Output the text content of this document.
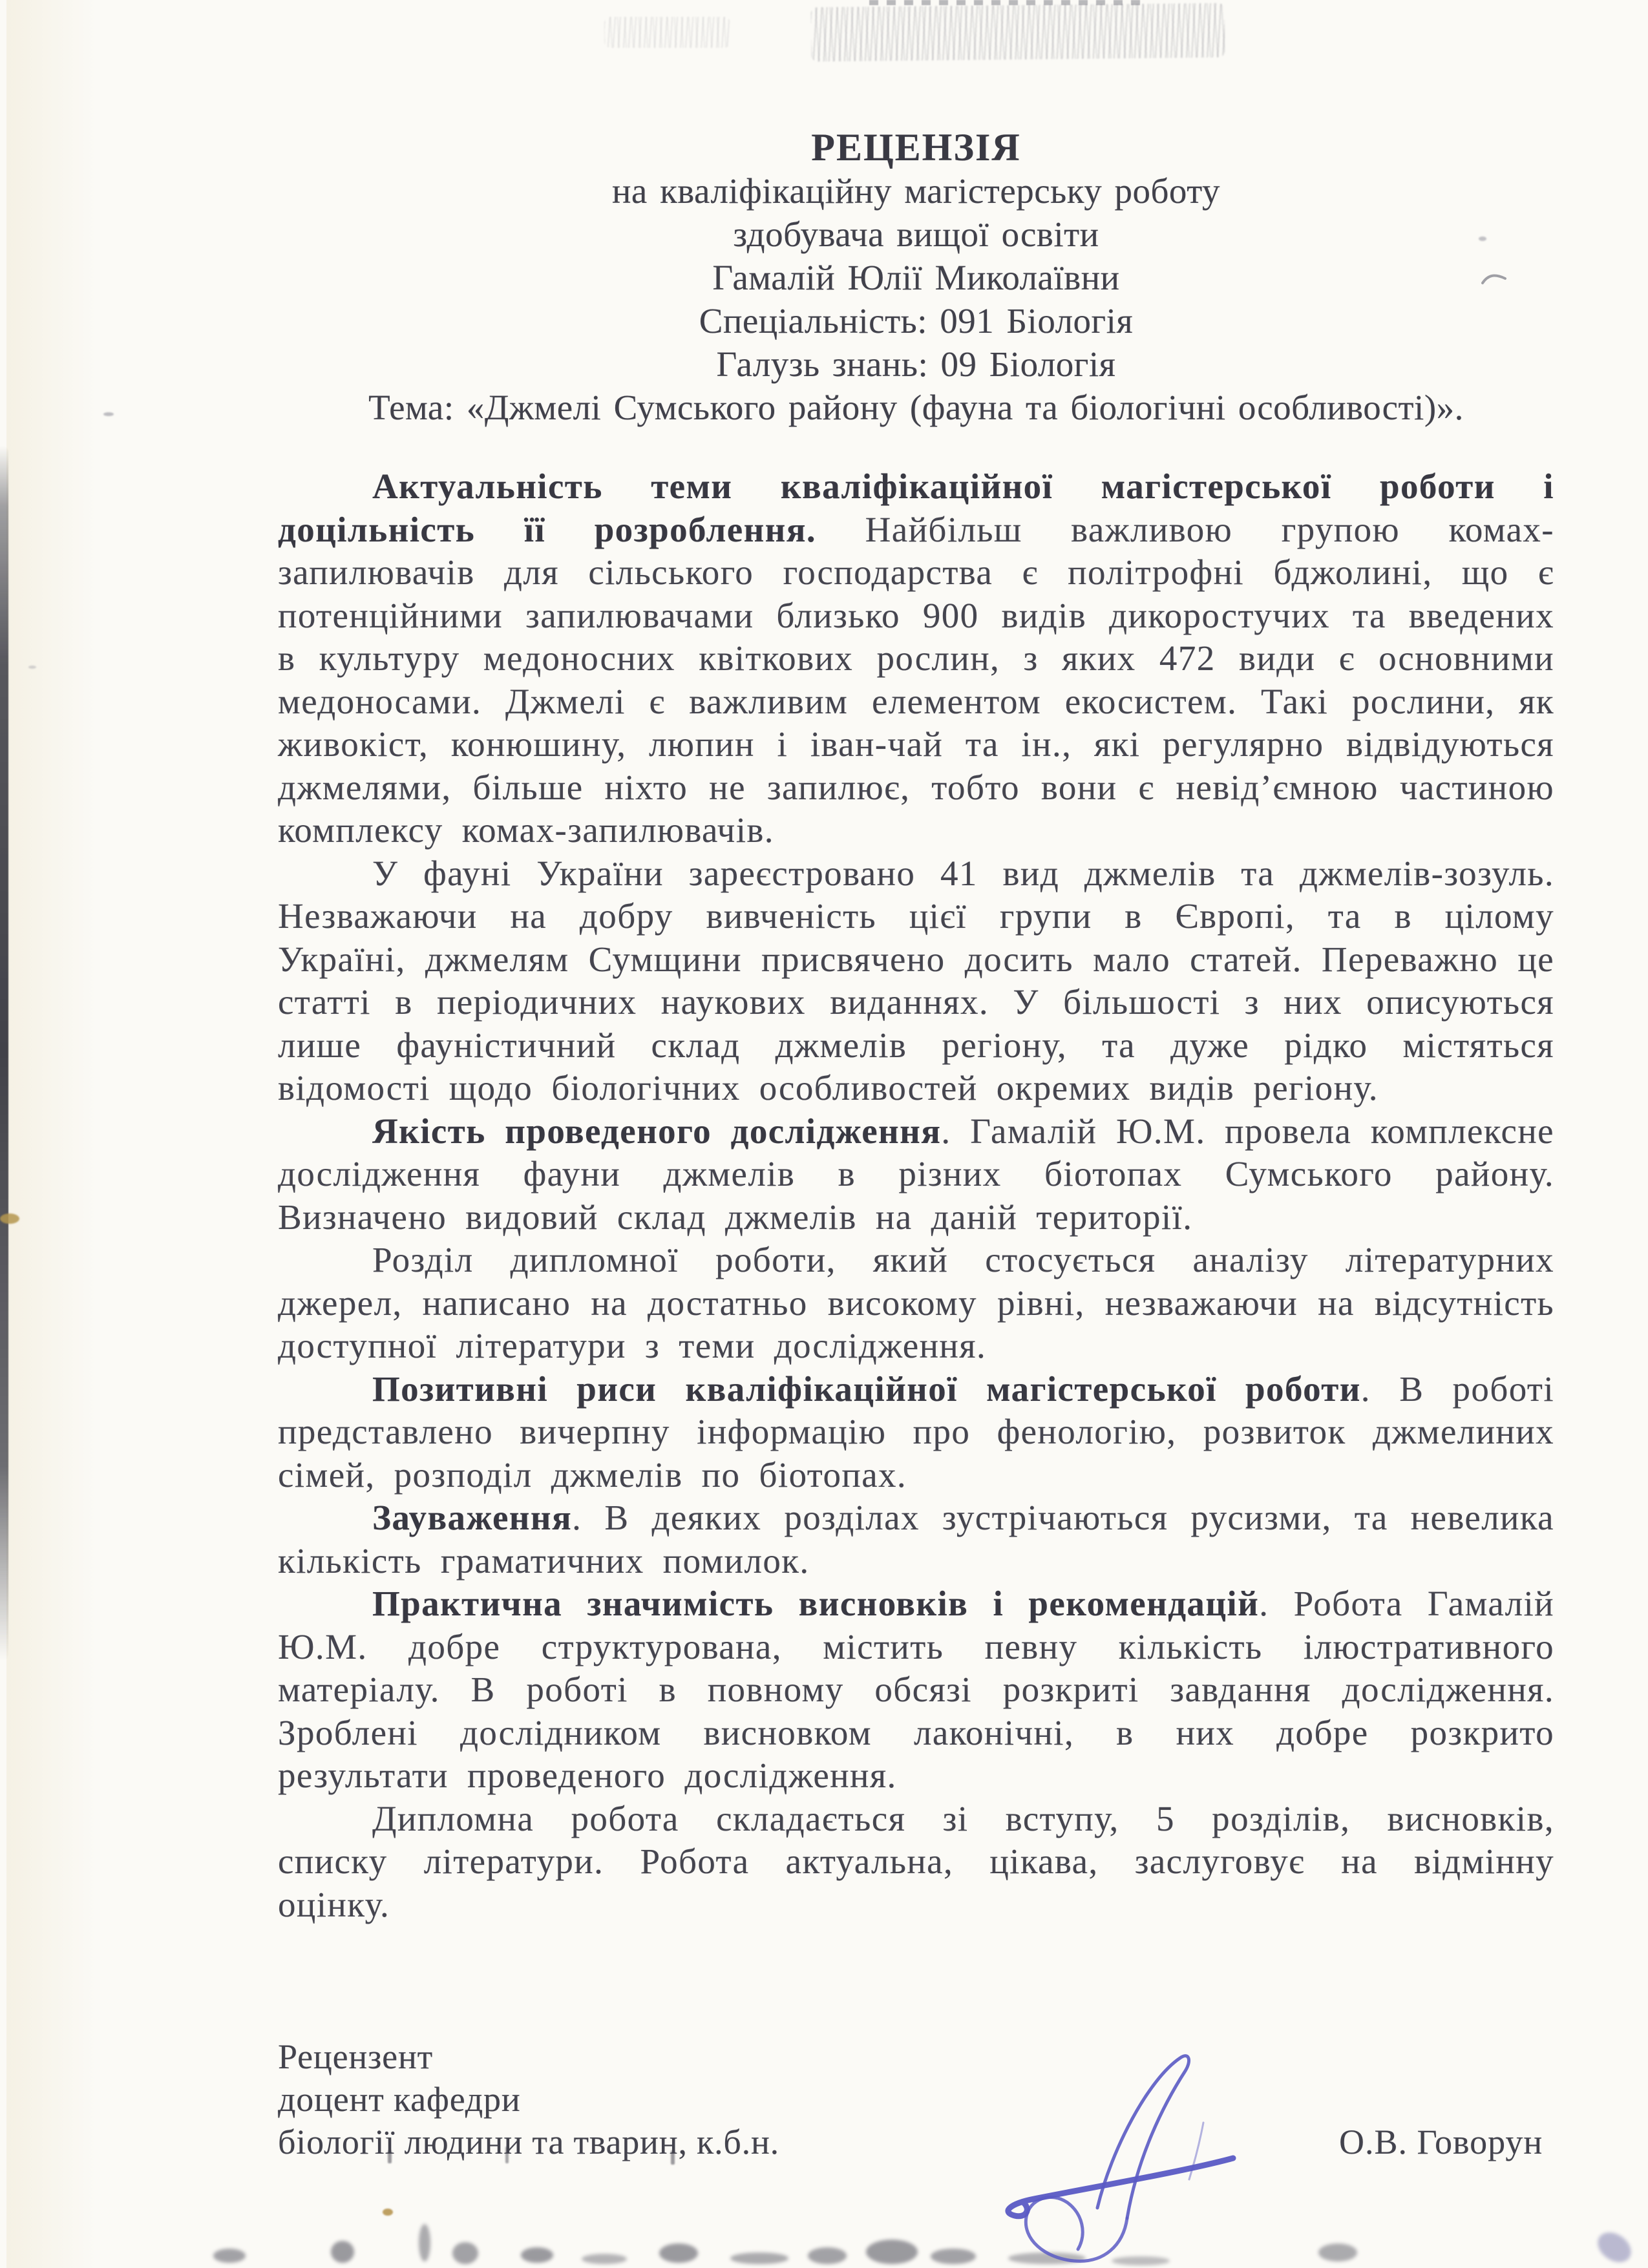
РЕЦЕНЗІЯ
на кваліфікаційну магістерську роботу
здобувача вищої освіти
Гамалій Юлії Миколаївни
Спеціальність: 091 Біологія
Галузь знань: 09 Біологія
Тема: «Джмелі Сумського району (фауна та біологічні особливості)».

Актуальність теми кваліфікаційної магістерської роботи і доцільність її розроблення. Найбільш важливою групою комах-запилювачів для сільського господарства є політрофні бджолині, що є потенційними запилювачами близько 900 видів дикоростучих та введених в культуру медоносних квіткових рослин, з яких 472 види є основними медоносами. Джмелі є важливим елементом екосистем. Такі рослини, як живокіст, конюшину, люпин і іван-чай та ін., які регулярно відвідуються джмелями, більше ніхто не запилює, тобто вони є невід’ємною частиною комплексу комах-запилювачів.

У фауні України зареєстровано 41 вид джмелів та джмелів-зозуль. Незважаючи на добру вивченість цієї групи в Європі, та в цілому Україні, джмелям Сумщини присвячено досить мало статей. Переважно це статті в періодичних наукових виданнях. У більшості з них описуються лише фауністичний склад джмелів регіону, та дуже рідко містяться відомості щодо біологічних особливостей окремих видів регіону.

Якість проведеного дослідження. Гамалій Ю.М. провела комплексне дослідження фауни джмелів в різних біотопах Сумського району. Визначено видовий склад джмелів на даній території.

Розділ дипломної роботи, який стосується аналізу літературних джерел, написано на достатньо високому рівні, незважаючи на відсутність доступної літератури з теми дослідження.

Позитивні риси кваліфікаційної магістерської роботи. В роботі представлено вичерпну інформацію про фенологію, розвиток джмелиних сімей, розподіл джмелів по біотопах.

Зауваження. В деяких розділах зустрічаються русизми, та невелика кількість граматичних помилок.

Практична значимість висновків і рекомендацій. Робота Гамалій Ю.М. добре структурована, містить певну кількість ілюстративного матеріалу. В роботі в повному обсязі розкриті завдання дослідження. Зроблені дослідником висновком лаконічні, в них добре розкрито результати проведеного дослідження.

Дипломна робота складається зі вступу, 5 розділів, висновків, списку літератури. Робота актуальна, цікава, заслуговує на відмінну оцінку.

Рецензент
доцент кафедри
біології людини та тварин, к.б.н.	О.В. Говорун
